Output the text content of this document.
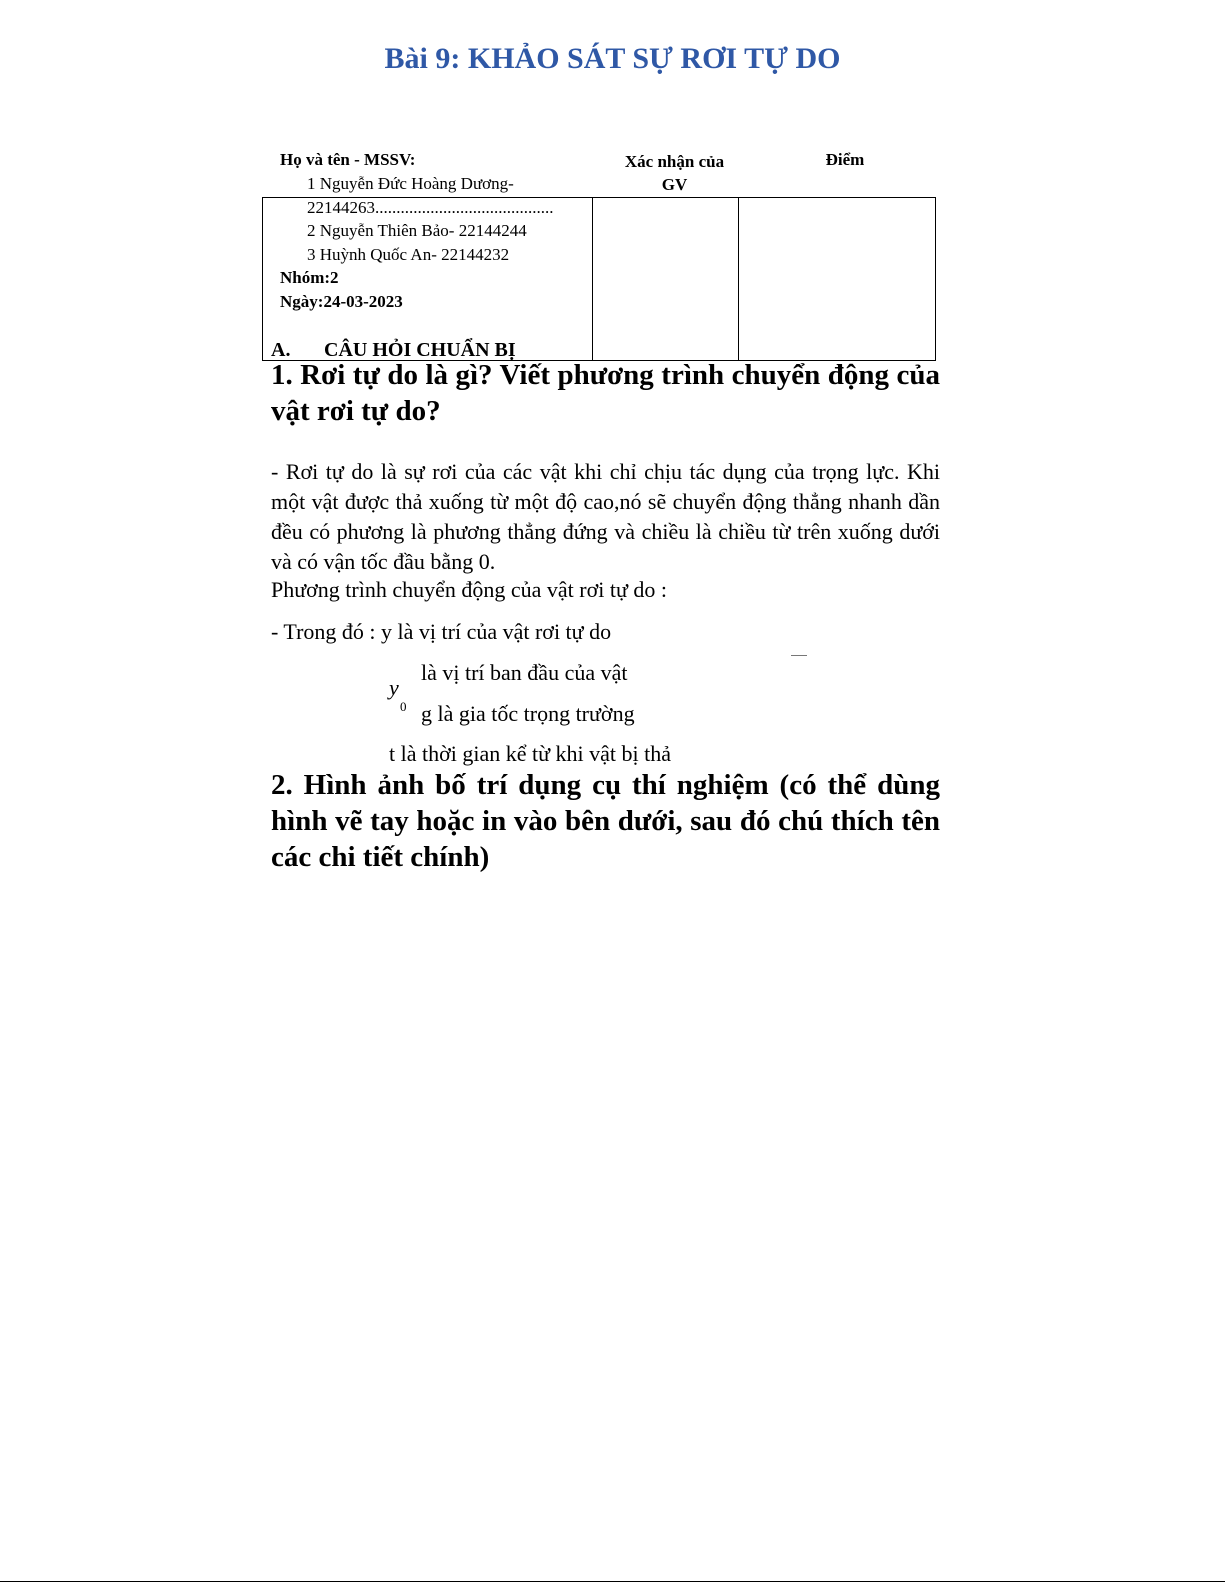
Bài 9: KHẢO SÁT SỰ RƠI TỰ DO
Họ và tên - MSSV:	Xác nhận của
GV
Điểm
1 Nguyễn Đức Hoàng Dương-
22144263..........................................
2 Nguyễn Thiên Bảo- 22144244
3 Huỳnh Quốc An- 22144232
Nhóm:2
Ngày:24-03-2023
A. CÂU HỎI CHUẨN BỊ
1. Rơi tự do là gì? Viết phương trình chuyển động của vật rơi tự do?
- Rơi tự do là sự rơi của các vật khi chỉ chịu tác dụng của trọng lực. Khi một vật được thả xuống từ một độ cao,nó sẽ chuyển động thẳng nhanh dần đều có phương là phương thẳng đứng và chiều là chiều từ trên xuống dưới và có vận tốc đầu bằng 0.
Phương trình chuyển động của vật rơi tự do :
- Trong đó : y là vị trí của vật rơi tự do
y
0
là vị trí ban đầu của vật
g là gia tốc trọng trường
t là thời gian kể từ khi vật bị thả
2. Hình ảnh bố trí dụng cụ thí nghiệm (có thể dùng hình vẽ tay hoặc in vào bên dưới, sau đó chú thích tên các chi tiết chính)
